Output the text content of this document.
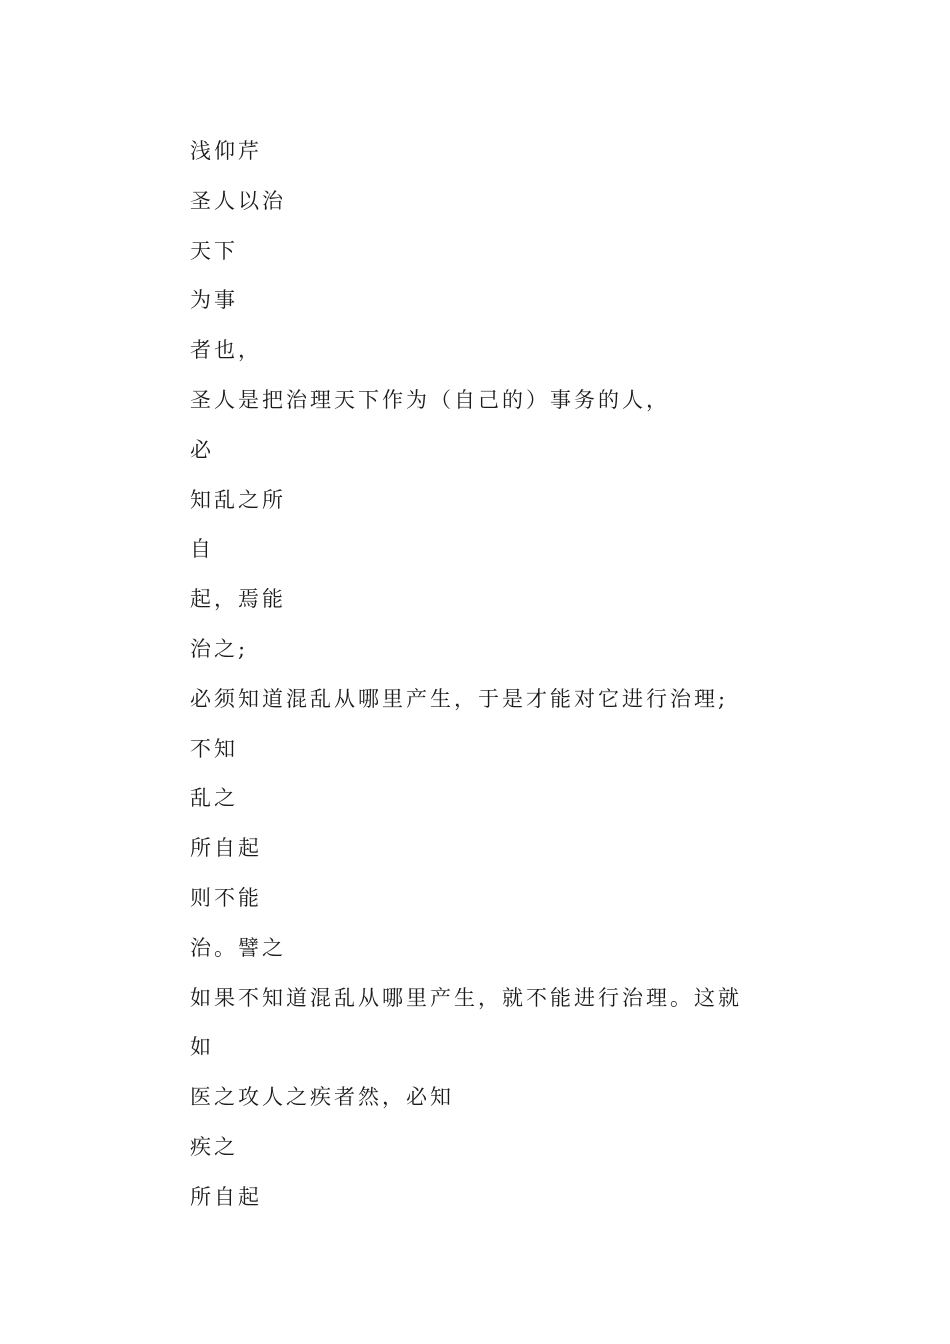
浅仰芹
圣人以治
天下
为事
者也，
圣人是把治理天下作为（自己的）事务的人，
必
知乱之所
自
起，焉能
治之;
必须知道混乱从哪里产生，于是才能对它进行治理;
不知
乱之
所自起
则不能
治。譬之
如果不知道混乱从哪里产生，就不能进行治理。这就
如
医之攻人之疾者然，必知
疾之
所自起
